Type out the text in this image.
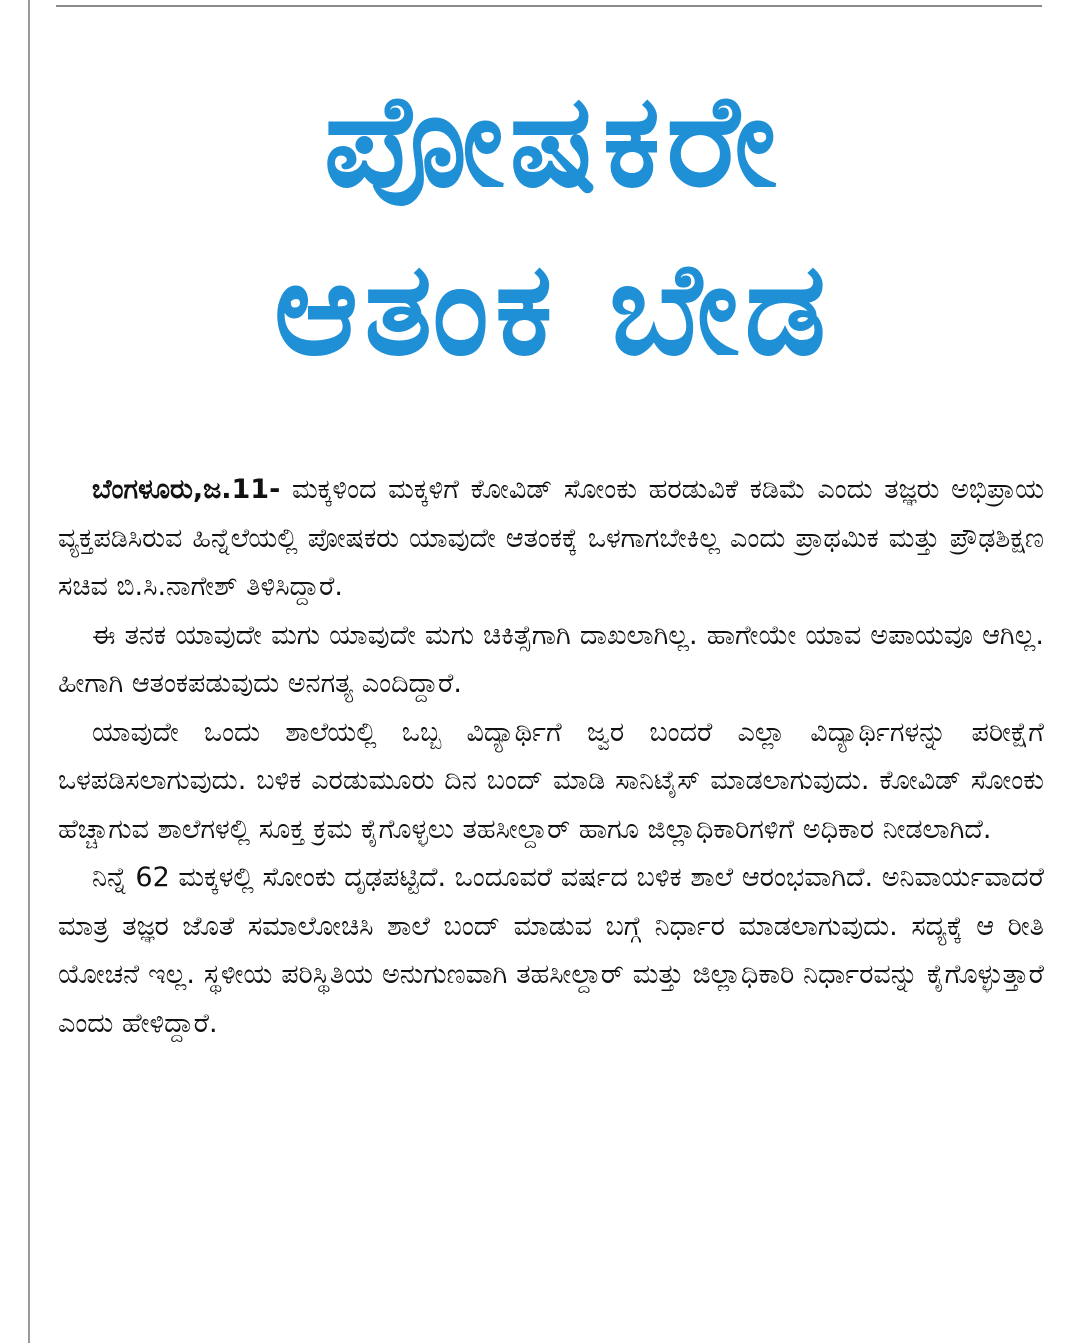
ಪೋಷಕರೇ
ಆತಂಕ ಬೇಡ

ಬೆಂಗಳೂರು,ಜ.11- ಮಕ್ಕಳಿಂದ ಮಕ್ಕಳಿಗೆ ಕೋವಿಡ್ ಸೋಂಕು ಹರಡುವಿಕೆ ಕಡಿಮೆ ಎಂದು ತಜ್ಞರು ಅಭಿಪ್ರಾಯ ವ್ಯಕ್ತಪಡಿಸಿರುವ ಹಿನ್ನೆಲೆಯಲ್ಲಿ ಪೋಷಕರು ಯಾವುದೇ ಆತಂಕಕ್ಕೆ ಒಳಗಾಗಬೇಕಿಲ್ಲ ಎಂದು ಪ್ರಾಥಮಿಕ ಮತ್ತು ಪ್ರೌಢಶಿಕ್ಷಣ ಸಚಿವ ಬಿ.ಸಿ.ನಾಗೇಶ್ ತಿಳಿಸಿದ್ದಾರೆ.

ಈ ತನಕ ಯಾವುದೇ ಮಗು ಯಾವುದೇ ಮಗು ಚಿಕಿತ್ಸೆಗಾಗಿ ದಾಖಲಾಗಿಲ್ಲ. ಹಾಗೇಯೇ ಯಾವ ಅಪಾಯವೂ ಆಗಿಲ್ಲ. ಹೀಗಾಗಿ ಆತಂಕಪಡುವುದು ಅನಗತ್ಯ ಎಂದಿದ್ದಾರೆ.

ಯಾವುದೇ ಒಂದು ಶಾಲೆಯಲ್ಲಿ ಒಬ್ಬ ವಿದ್ಯಾರ್ಥಿಗೆ ಜ್ವರ ಬಂದರೆ ಎಲ್ಲಾ ವಿದ್ಯಾರ್ಥಿಗಳನ್ನು ಪರೀಕ್ಷೆಗೆ ಒಳಪಡಿಸಲಾಗುವುದು. ಬಳಿಕ ಎರಡುಮೂರು ದಿನ ಬಂದ್ ಮಾಡಿ ಸಾನಿಟೈಸ್ ಮಾಡಲಾಗುವುದು. ಕೋವಿಡ್ ಸೋಂಕು ಹೆಚ್ಚಾಗುವ ಶಾಲೆಗಳಲ್ಲಿ ಸೂಕ್ತ ಕ್ರಮ ಕೈಗೊಳ್ಳಲು ತಹಸೀಲ್ದಾರ್ ಹಾಗೂ ಜಿಲ್ಲಾಧಿಕಾರಿಗಳಿಗೆ ಅಧಿಕಾರ ನೀಡಲಾಗಿದೆ.

ನಿನ್ನೆ 62 ಮಕ್ಕಳಲ್ಲಿ ಸೋಂಕು ದೃಢಪಟ್ಟಿದೆ. ಒಂದೂವರೆ ವರ್ಷದ ಬಳಿಕ ಶಾಲೆ ಆರಂಭವಾಗಿದೆ. ಅನಿವಾರ್ಯವಾದರೆ ಮಾತ್ರ ತಜ್ಞರ ಜೊತೆ ಸಮಾಲೋಚಿಸಿ ಶಾಲೆ ಬಂದ್ ಮಾಡುವ ಬಗ್ಗೆ ನಿರ್ಧಾರ ಮಾಡಲಾಗುವುದು. ಸದ್ಯಕ್ಕೆ ಆ ರೀತಿ ಯೋಚನೆ ಇಲ್ಲ. ಸ್ಥಳೀಯ ಪರಿಸ್ಥಿತಿಯ ಅನುಗುಣವಾಗಿ ತಹಸೀಲ್ದಾರ್ ಮತ್ತು ಜಿಲ್ಲಾಧಿಕಾರಿ ನಿರ್ಧಾರವನ್ನು ಕೈಗೊಳ್ಳುತ್ತಾರೆ ಎಂದು ಹೇಳಿದ್ದಾರೆ.
